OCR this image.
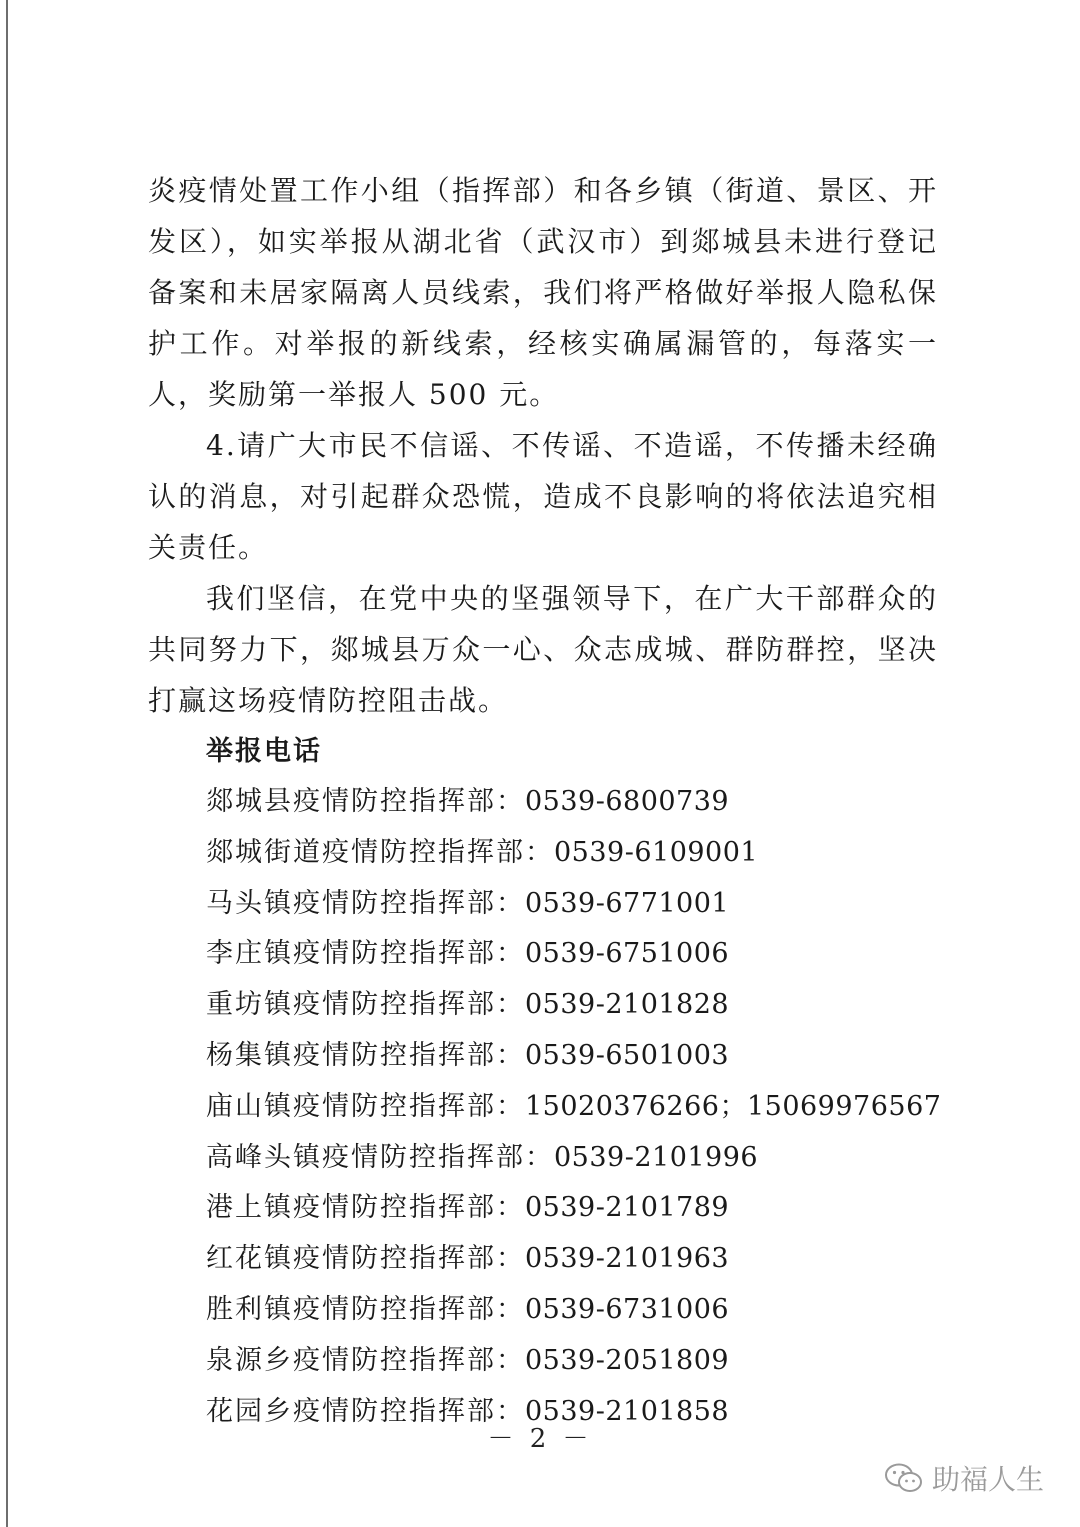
炎疫情处置工作小组（指挥部）和各乡镇（街道、景区、开发区），如实举报从湖北省（武汉市）到郯城县未进行登记备案和未居家隔离人员线索，我们将严格做好举报人隐私保护工作。对举报的新线索，经核实确属漏管的，每落实一人，奖励第一举报人 500 元。

4.请广大市民不信谣、不传谣、不造谣，不传播未经确认的消息，对引起群众恐慌，造成不良影响的将依法追究相关责任。

我们坚信，在党中央的坚强领导下，在广大干部群众的共同努力下，郯城县万众一心、众志成城、群防群控，坚决打赢这场疫情防控阻击战。

举报电话
郯城县疫情防控指挥部：0539-6800739
郯城街道疫情防控指挥部：0539-6109001
马头镇疫情防控指挥部：0539-6771001
李庄镇疫情防控指挥部：0539-6751006
重坊镇疫情防控指挥部：0539-2101828
杨集镇疫情防控指挥部：0539-6501003
庙山镇疫情防控指挥部：15020376266；15069976567
高峰头镇疫情防控指挥部：0539-2101996
港上镇疫情防控指挥部：0539-2101789
红花镇疫情防控指挥部：0539-2101963
胜利镇疫情防控指挥部：0539-6731006
泉源乡疫情防控指挥部：0539-2051809
花园乡疫情防控指挥部：0539-2101858
－ 2 －
助福人生
